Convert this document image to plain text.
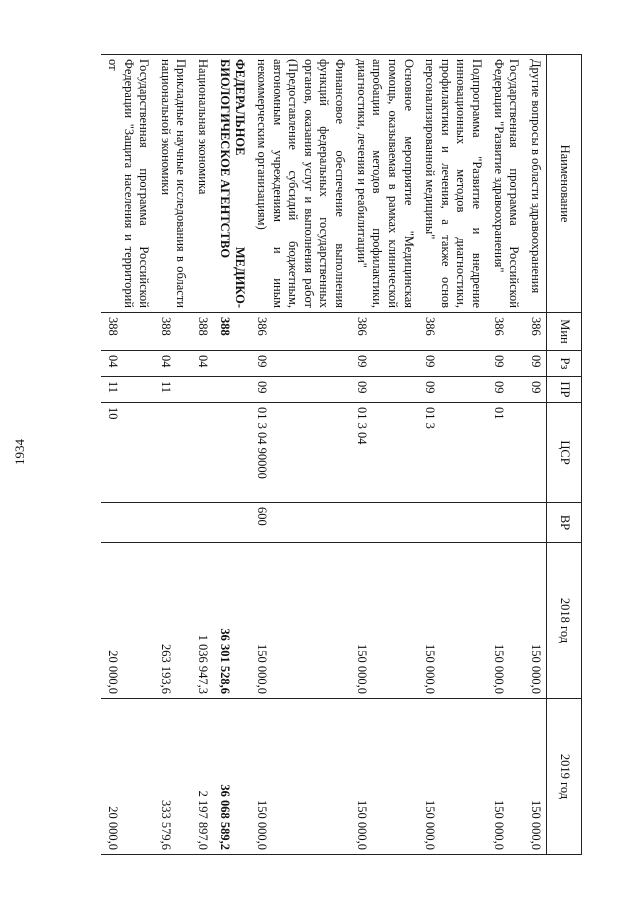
1934
Наименование	Мин	Рз	ПР	ЦСР	ВР	2018 год	2019 год
Другие вопросы в области здравоохранения	386	09	09			150 000,0	150 000,0
Государственная программа Российской Федерации "Развитие здравоохранения"	386	09	09	01		150 000,0	150 000,0
Подпрограмма "Развитие и внедрение инновационных методов диагностики, профилактики и лечения, а также основ персонализированной медицины"	386	09	09	01 3		150 000,0	150 000,0
Основное мероприятие "Медицинская помощь, оказываемая в рамках клинической апробации методов профилактики, диагностики, лечения и реабилитации"	386	09	09	01 3 04		150 000,0	150 000,0
Финансовое обеспечение выполнения функций федеральных государственных органов, оказания услуг и выполнения работ (Предоставление субсидий бюджетным, автономным учреждениям и иным некоммерческим организациям)	386	09	09	01 3 04 90000	600	150 000,0	150 000,0
ФЕДЕРАЛЬНОЕ МЕДИКО-БИОЛОГИЧЕСКОЕ АГЕНТСТВО	388					36 301 528,6	36 068 589,2
Национальная экономика	388	04				1 036 947,3	2 197 897,0
Прикладные научные исследования в области национальной экономики	388	04	11			263 193,6	333 579,6
Государственная программа Российской Федерации "Защита населения и территорий от	388	04	11	10		20 000,0	20 000,0
